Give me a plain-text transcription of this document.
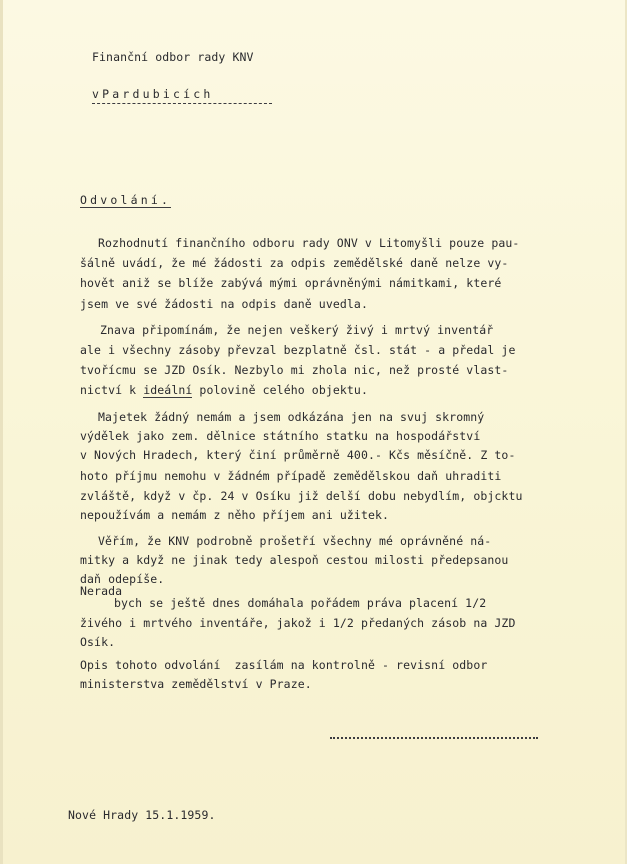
Finanční odbor rady KNV
vPardubicích
Odvolání.
Rozhodnutí finančního odboru rady ONV v Litomyšli pouze pau-
šálně uvádí, že mé žádosti za odpis zemědělské daně nelze vy-
hovět aniž se blíže zabývá mými oprávněnými námitkami, které
jsem ve své žádosti na odpis daně uvedla.
Znava připomínám, že nejen veškerý živý i mrtvý inventář
ale i všechny zásoby převzal bezplatně čsl. stát - a předal je
tvořícmu se JZD Osík. Nezbylo mi zhola nic, než prosté vlast-
nictví k ideální polovině celého objektu.
Majetek žádný nemám a jsem odkázána jen na svuj skromný
výdělek jako zem. dělnice státního statku na hospodářství
v Nových Hradech, který činí průměrně 400.- Kčs měsíčně. Z to-
hoto příjmu nemohu v žádném případě zemědělskou daň uhraditi
zvláště, když v čp. 24 v Osíku již delší dobu nebydlím, objcktu
nepoužívám a nemám z něho příjem ani užitek.
Věřím, že KNV podrobně prošetří všechny mé oprávněné ná-
mitky a když ne jinak tedy alespoň cestou milosti předepsanou
daň odepíše.
Nerada
bych se ještě dnes domáhala pořádem práva placení 1/2
živého i mrtvého inventáře, jakož i 1/2 předaných zásob na JZD
Osík.
Opis tohoto odvolání  zasílám na kontrolně - revisní odbor
ministerstva zemědělství v Praze.
Nové Hrady 15.1.1959.
